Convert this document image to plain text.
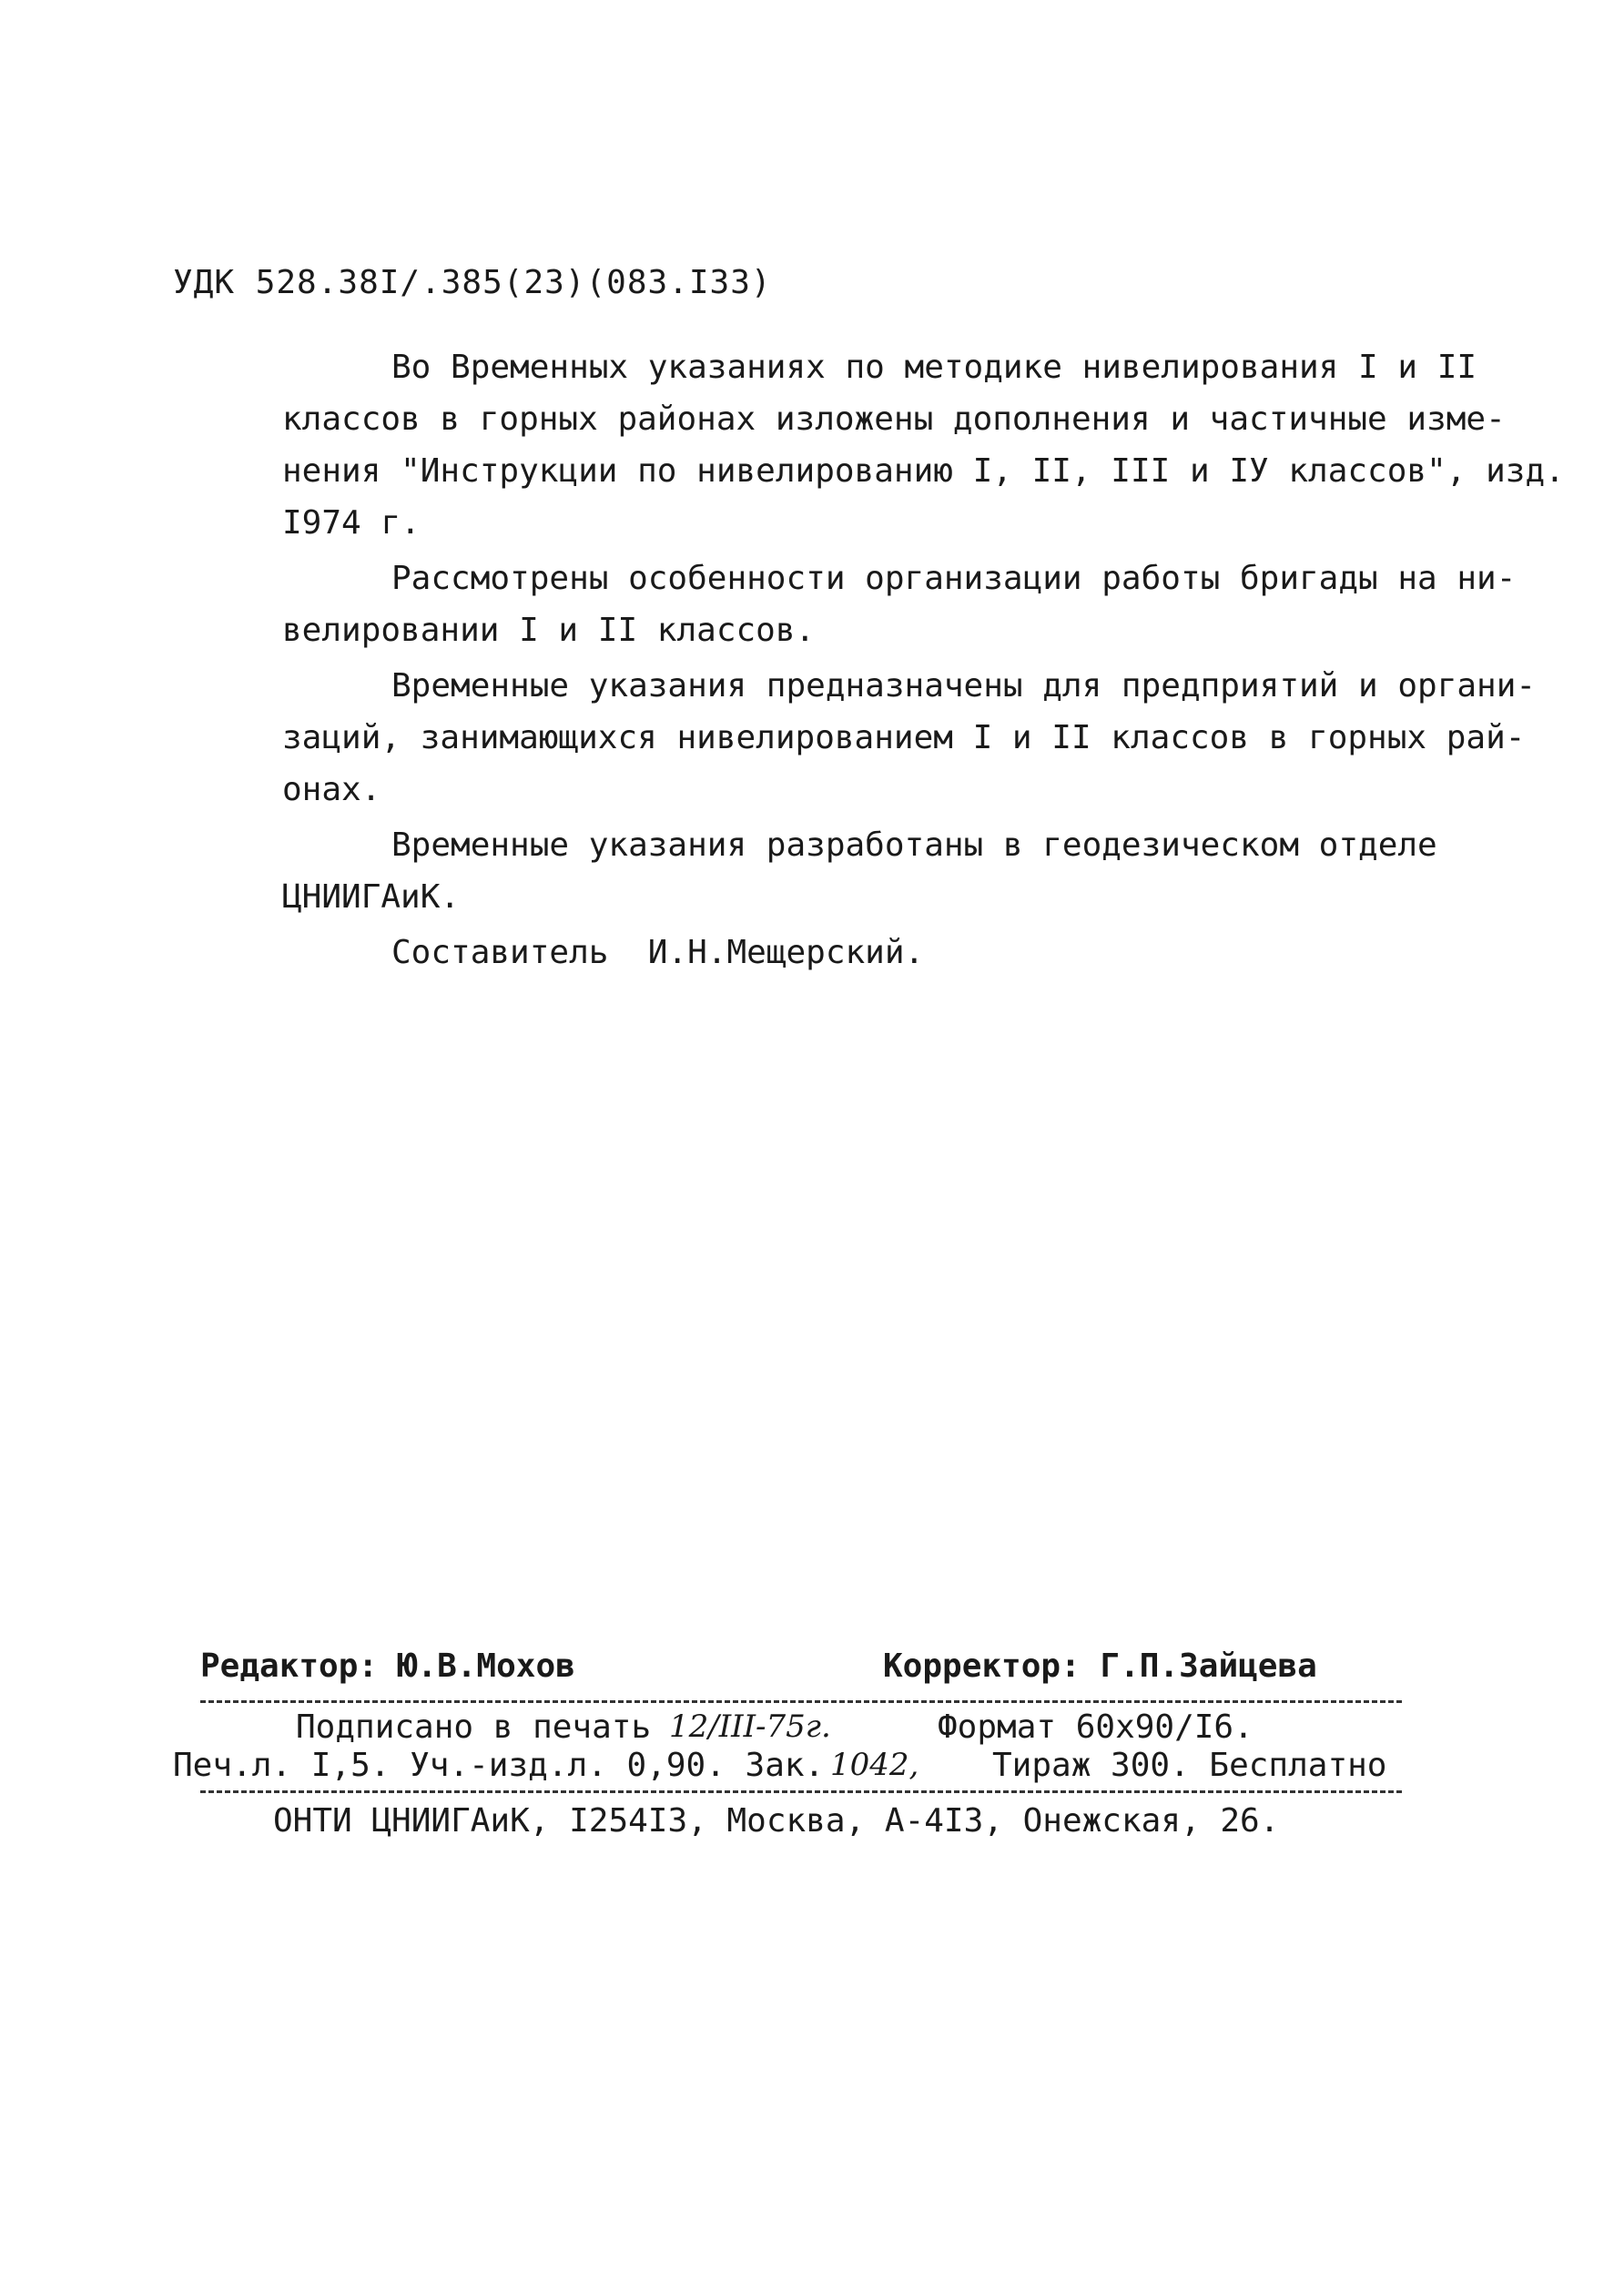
УДК 528.38I/.385(23)(083.I33)
Во Временных указаниях по методике нивелирования I и II
классов в горных районах изложены дополнения и частичные изме-
нения "Инструкции по нивелированию I, II, III и IУ классов", изд.
I974 г.
Рассмотрены особенности организации работы бригады на ни-
велировании I и II классов.
Временные указания предназначены для предприятий и органи-
заций, занимающихся нивелированием I и II классов в горных рай-
онах.
Временные указания разработаны в геодезическом отделе
ЦНИИГАиК.
Составитель  И.Н.Мещерский.
Редактор: Ю.В.Мохов	Корректор: Г.П.Зайцева

Подписано в печать

12/III-75г.

	Формат 60х90/I6.

Печ.л. I,5. Уч.-изд.л. 0,90. Зак.

1042,

Тираж 300. Бесплатно

ОНТИ ЦНИИГАиК, I254I3, Москва, А-4I3, Онежская, 26.
